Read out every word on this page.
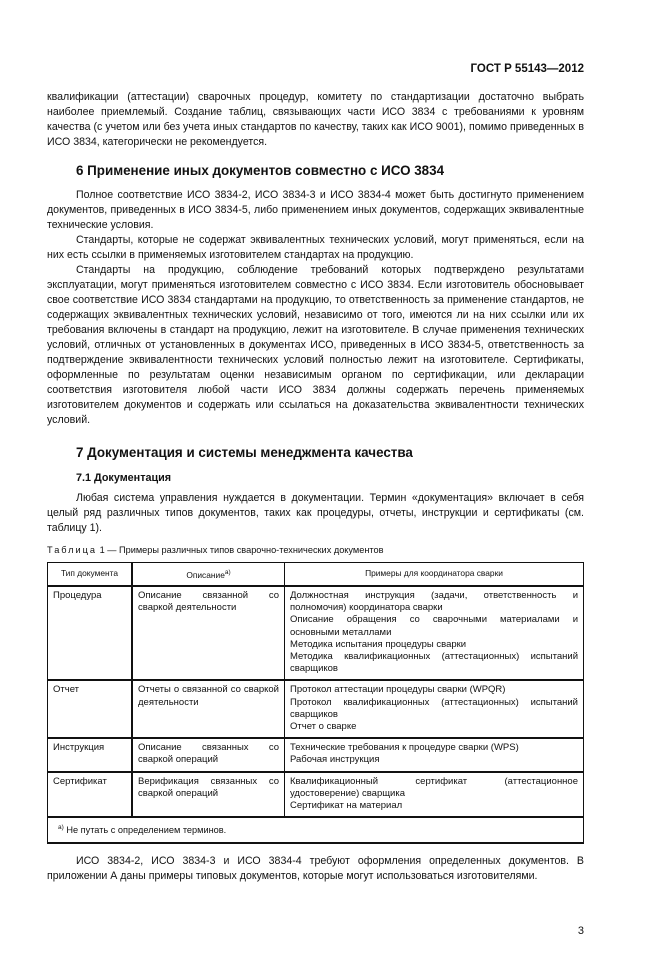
ГОСТ Р 55143—2012

квалификации (аттестации) сварочных процедур, комитету по стандартизации достаточно выбрать наиболее приемлемый. Создание таблиц, связывающих части ИСО 3834 с требованиями к уровням качества (с учетом или без учета иных стандартов по качеству, таких как ИСО 9001), помимо приведенных в ИСО 3834, категорически не рекомендуется.

6 Применение иных документов совместно с ИСО 3834

Полное соответствие ИСО 3834-2, ИСО 3834-3 и ИСО 3834-4 может быть достигнуто применением документов, приведенных в ИСО 3834-5, либо применением иных документов, содержащих эквивалентные технические условия.

Стандарты, которые не содержат эквивалентных технических условий, могут применяться, если на них есть ссылки в применяемых изготовителем стандартах на продукцию.

Стандарты на продукцию, соблюдение требований которых подтверждено результатами эксплуатации, могут применяться изготовителем совместно с ИСО 3834. Если изготовитель обосновывает свое соответствие ИСО 3834 стандартами на продукцию, то ответственность за применение стандартов, не содержащих эквивалентных технических условий, независимо от того, имеются ли на них ссылки или их требования включены в стандарт на продукцию, лежит на изготовителе. В случае применения технических условий, отличных от установленных в документах ИСО, приведенных в ИСО 3834-5, ответственность за подтверждение эквивалентности технических условий полностью лежит на изготовителе. Сертификаты, оформленные по результатам оценки независимым органом по сертификации, или декларации соответствия изготовителя любой части ИСО 3834 должны содержать перечень применяемых изготовителем документов и содержать или ссылаться на доказательства эквивалентности технических условий.

7 Документация и системы менеджмента качества
7.1 Документация

Любая система управления нуждается в документации. Термин «документация» включает в себя целый ряд различных типов документов, таких как процедуры, отчеты, инструкции и сертификаты (см. таблицу 1).

Таблица 1 — Примеры различных типов сварочно-технических документов
Тип документа	Описание$^{а)}$	Примеры для координатора сварки
Процедура	Описание связанной со сваркой деятельности	Должностная инструкция (задачи, ответственность и полномочия) координатора сварки
Описание обращения со сварочными материалами и основными металлами
Методика испытания процедуры сварки
Методика квалификационных (аттестационных) испытаний сварщиков

Отчет	Отчеты о связанной со сваркой деятельности	Протокол аттестации процедуры сварки (WPQR)
Протокол квалификационных (аттестационных) испытаний сварщиков
Отчет о сварке

Инструкция	Описание связанных со сваркой операций	Технические требования к процедуре сварки (WPS)
Рабочая инструкция

Сертификат	Верификация связанных со сваркой операций	Квалификационный сертификат (аттестационное удостоверение) сварщика
Сертификат на материал

$^{а)}$ Не путать с определением терминов.		

ИСО 3834-2, ИСО 3834-3 и ИСО 3834-4 требуют оформления определенных документов. В приложении А даны примеры типовых документов, которые могут использоваться изготовителями.

3
